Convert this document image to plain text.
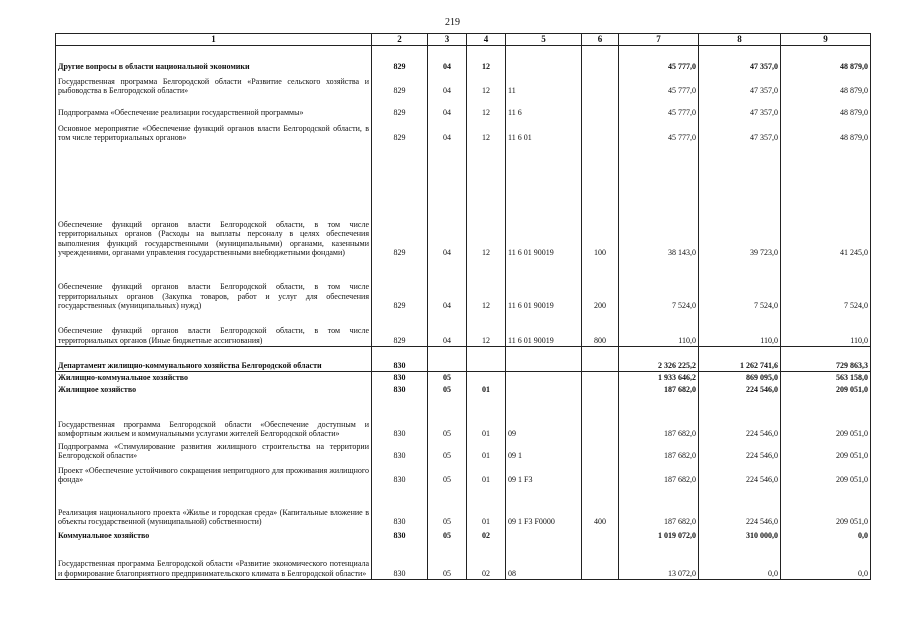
219
1	2	3	4	5	6	7	8	9
Другие вопросы в области национальной экономики	829	04	12			45 777,0	47 357,0	48 879,0
Государственная программа Белгородской области «Развитие сельского хозяйства и рыбоводства в Белгородской области»	829	04	12	11		45 777,0	47 357,0	48 879,0
Подпрограмма «Обеспечение реализации государственной программы»	829	04	12	11 6		45 777,0	47 357,0	48 879,0
Основное мероприятие «Обеспечение функций органов власти Белгородской области, в том числе территориальных органов»	829	04	12	11 6 01		45 777,0	47 357,0	48 879,0
Обеспечение функций органов власти Белгородской области, в том числе территориальных органов (Расходы на выплаты персоналу в целях обеспечения выполнения функций государственными (муниципальными) органами, казенными учреждениями, органами управления государственными внебюджетными фондами)	829	04	12	11 6 01 90019	100	38 143,0	39 723,0	41 245,0
Обеспечение функций органов власти Белгородской области, в том числе территориальных органов (Закупка товаров, работ и услуг для обеспечения государственных (муниципальных) нужд)	829	04	12	11 6 01 90019	200	7 524,0	7 524,0	7 524,0
Обеспечение функций органов власти Белгородской области, в том числе территориальных органов (Иные бюджетные ассигнования)	829	04	12	11 6 01 90019	800	110,0	110,0	110,0
Департамент жилищно-коммунального хозяйства Белгородской области	830					2 326 225,2	1 262 741,6	729 863,3
Жилищно-коммунальное хозяйство	830	05				1 933 646,2	869 095,0	563 158,0
Жилищное хозяйство	830	05	01			187 682,0	224 546,0	209 051,0
Государственная программа Белгородской области «Обеспечение доступным и комфортным жильем и коммунальными услугами жителей Белгородской области»	830	05	01	09		187 682,0	224 546,0	209 051,0
Подпрограмма «Стимулирование развития жилищного строительства на территории Белгородской области»	830	05	01	09 1		187 682,0	224 546,0	209 051,0
Проект «Обеспечение устойчивого сокращения непригодного для проживания жилищного фонда»	830	05	01	09 1 F3		187 682,0	224 546,0	209 051,0
Реализация национального проекта «Жилье и городская среда» (Капитальные вложение в объекты государственной (муниципальной) собственности)	830	05	01	09 1 F3 F0000	400	187 682,0	224 546,0	209 051,0
Коммунальное хозяйство	830	05	02			1 019 072,0	310 000,0	0,0
Государственная программа Белгородской области «Развитие экономического потенциала и формирование благоприятного предпринимательского климата в Белгородской области»	830	05	02	08		13 072,0	0,0	0,0
